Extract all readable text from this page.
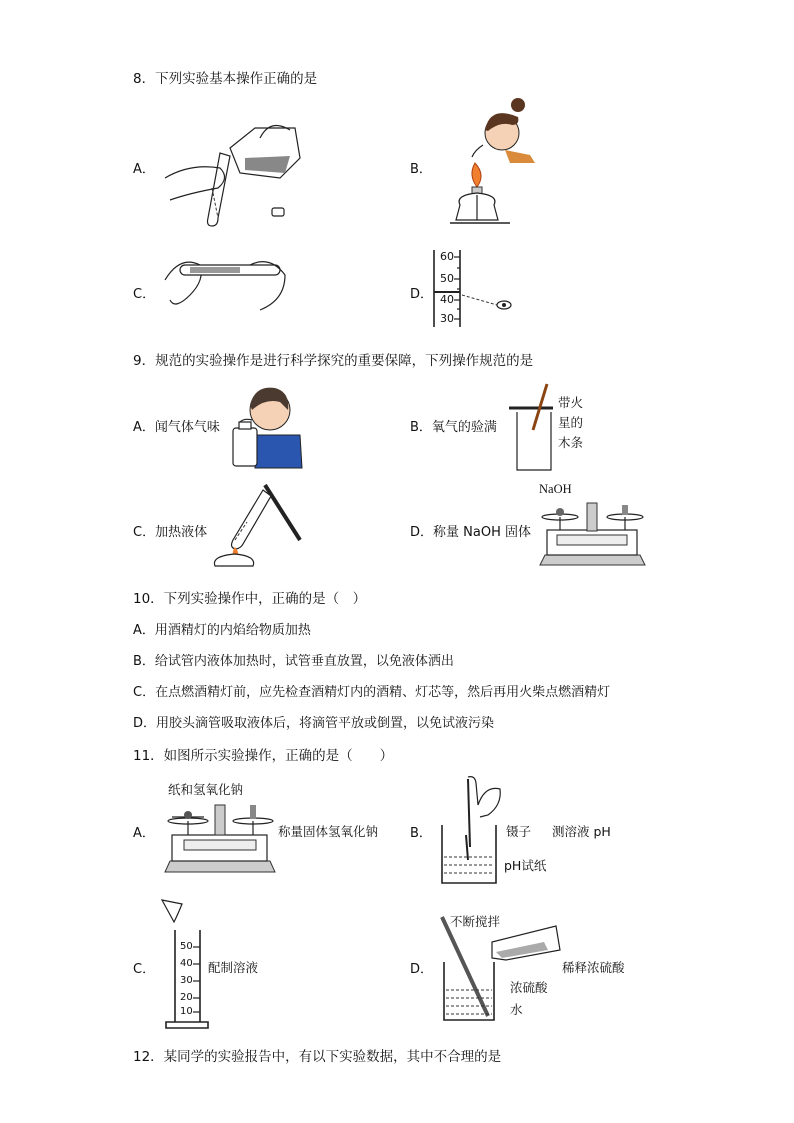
8．下列实验基本操作正确的是
A．	B．
C．	D．
60
50
40
30
9．规范的实验操作是进行科学探究的重要保障，下列操作规范的是
A．闻气体气味	B．氧气的验满
带火
星的
木条
C．加热液体	D．称量 NaOH 固体
NaOH
10．下列实验操作中，正确的是（　）
A．用酒精灯的内焰给物质加热
B．给试管内液体加热时，试管垂直放置，以免液体洒出
C．在点燃酒精灯前，应先检查酒精灯内的酒精、灯芯等，然后再用火柴点燃酒精灯
D．用胶头滴管吸取液体后，将滴管平放或倒置，以免试液污染
11．如图所示实验操作，正确的是（　　）
A．
纸和氢氧化钠
称量固体氢氧化钠 B．	镊子 测溶液 pH
pH试纸
C．
50
40
30
20
10
配制溶液	D．
不断搅拌
稀释浓硫酸
浓硫酸
水
12．某同学的实验报告中，有以下实验数据，其中不合理的是
